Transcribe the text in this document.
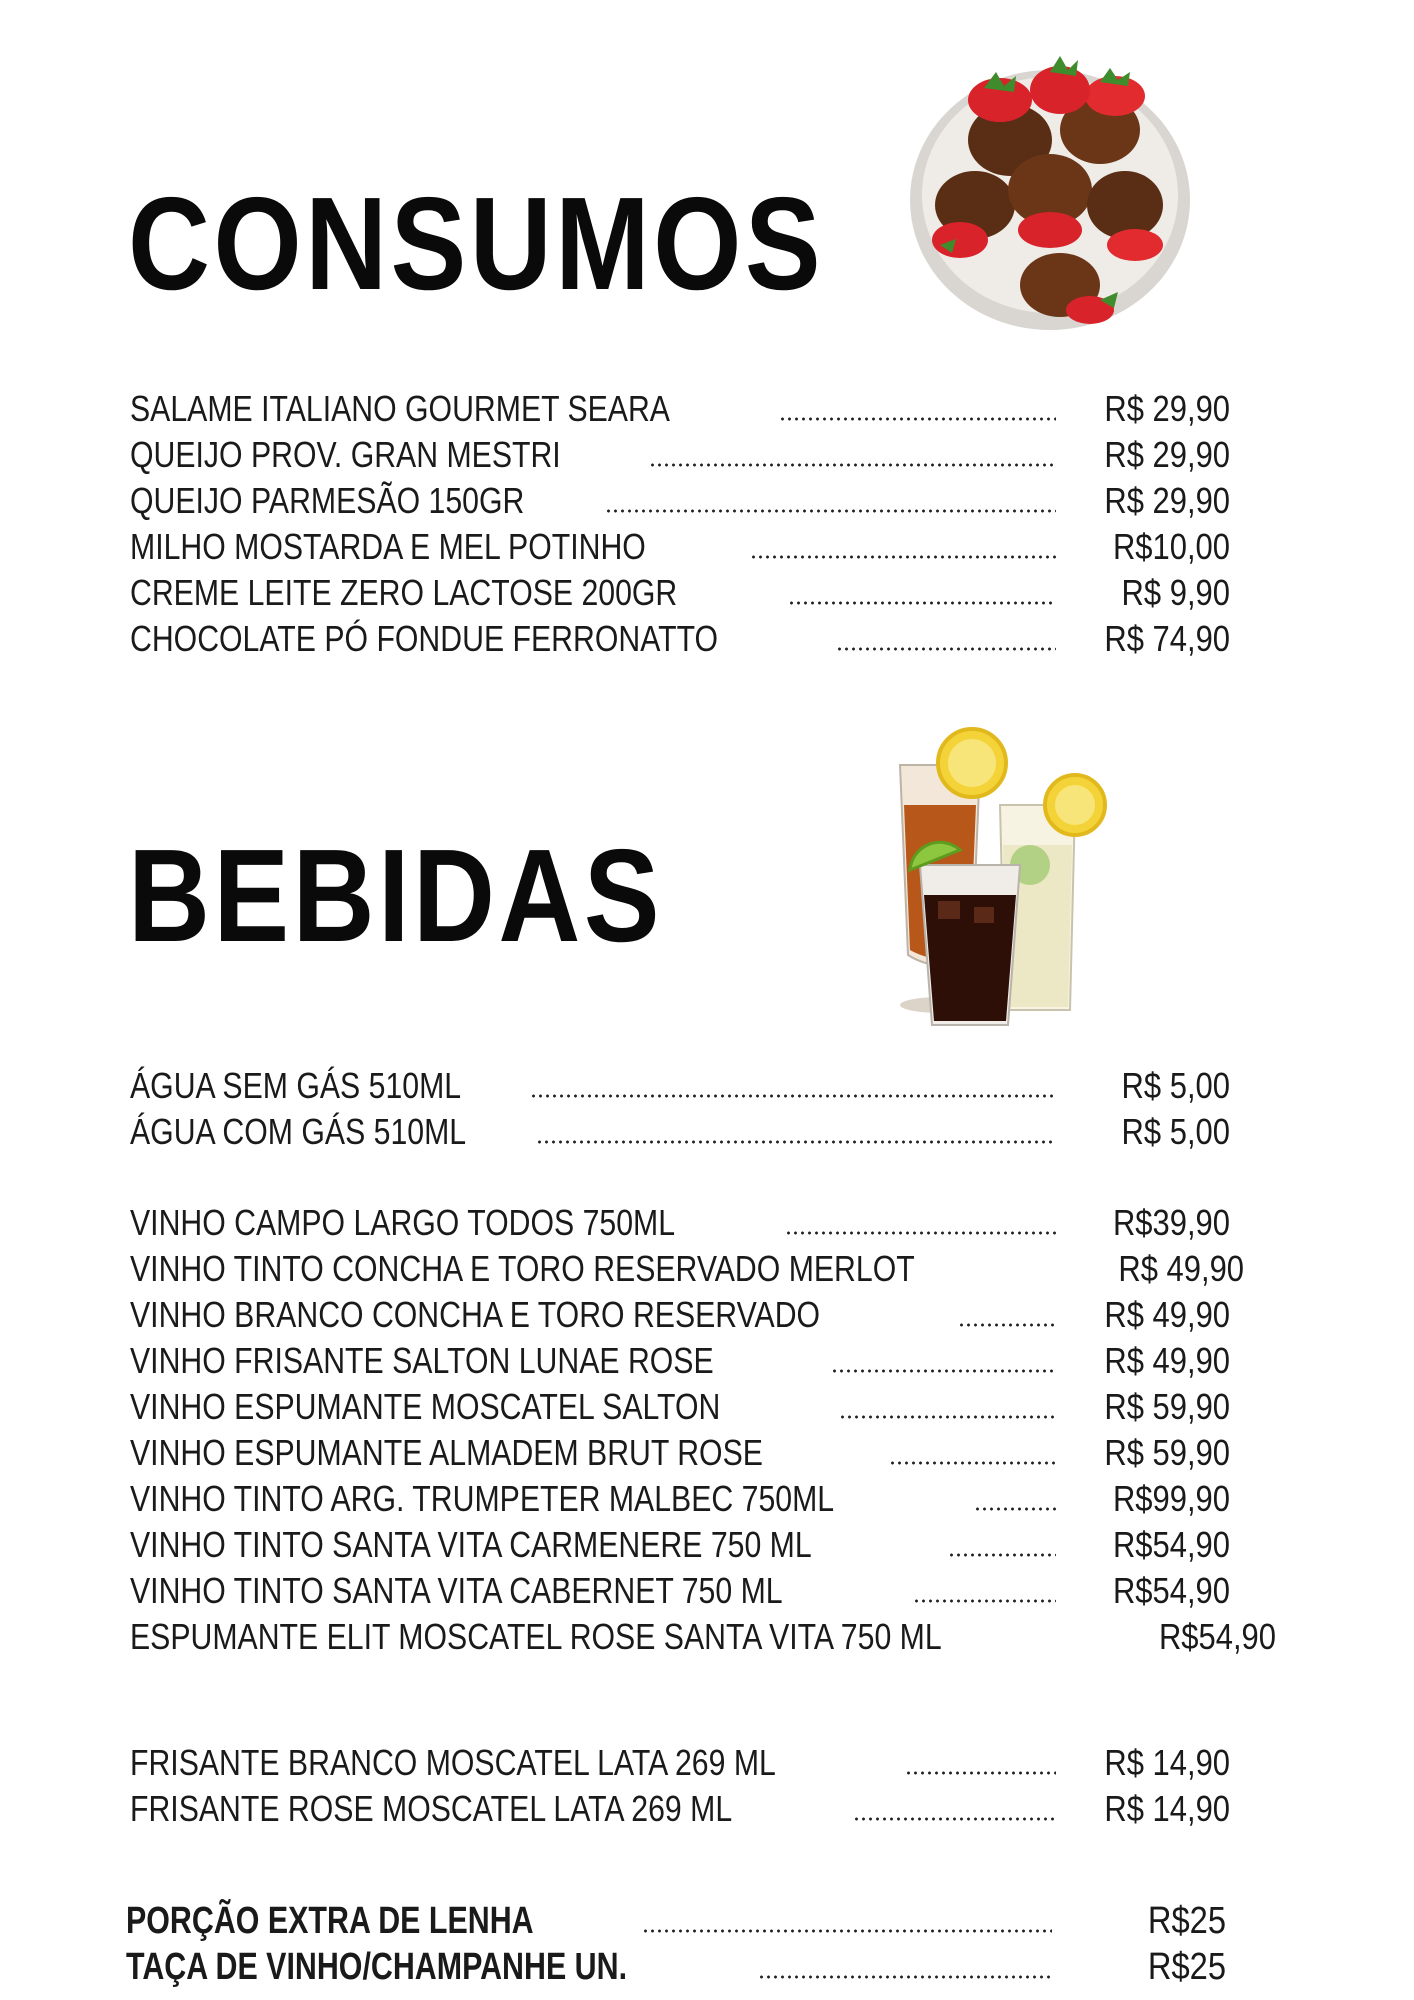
CONSUMOS
SALAME ITALIANO GOURMET SEARA	R$ 29,90
QUEIJO PROV. GRAN MESTRI	R$ 29,90
QUEIJO PARMESÃO 150GR	R$ 29,90
MILHO MOSTARDA E MEL POTINHO	R$10,00
CREME LEITE ZERO LACTOSE 200GR	R$ 9,90
CHOCOLATE PÓ FONDUE FERRONATTO	R$ 74,90
BEBIDAS
ÁGUA SEM GÁS 510ML	R$ 5,00
ÁGUA COM GÁS 510ML	R$ 5,00
VINHO CAMPO LARGO TODOS 750ML	R$39,90
VINHO TINTO CONCHA E TORO RESERVADO MERLOT	R$ 49,90
VINHO BRANCO CONCHA E TORO RESERVADO	R$ 49,90
VINHO FRISANTE SALTON LUNAE ROSE	R$ 49,90
VINHO ESPUMANTE MOSCATEL SALTON	R$ 59,90
VINHO ESPUMANTE ALMADEM BRUT ROSE	R$ 59,90
VINHO TINTO ARG. TRUMPETER MALBEC 750ML	R$99,90
VINHO TINTO SANTA VITA CARMENERE 750 ML	R$54,90
VINHO TINTO SANTA VITA CABERNET 750 ML	R$54,90
ESPUMANTE ELIT MOSCATEL ROSE SANTA VITA 750 ML	R$54,90
FRISANTE BRANCO MOSCATEL LATA 269 ML	R$ 14,90
FRISANTE ROSE MOSCATEL LATA 269 ML	R$ 14,90
PORÇÃO EXTRA DE LENHA	R$25
TAÇA DE VINHO/CHAMPANHE UN.	R$25
